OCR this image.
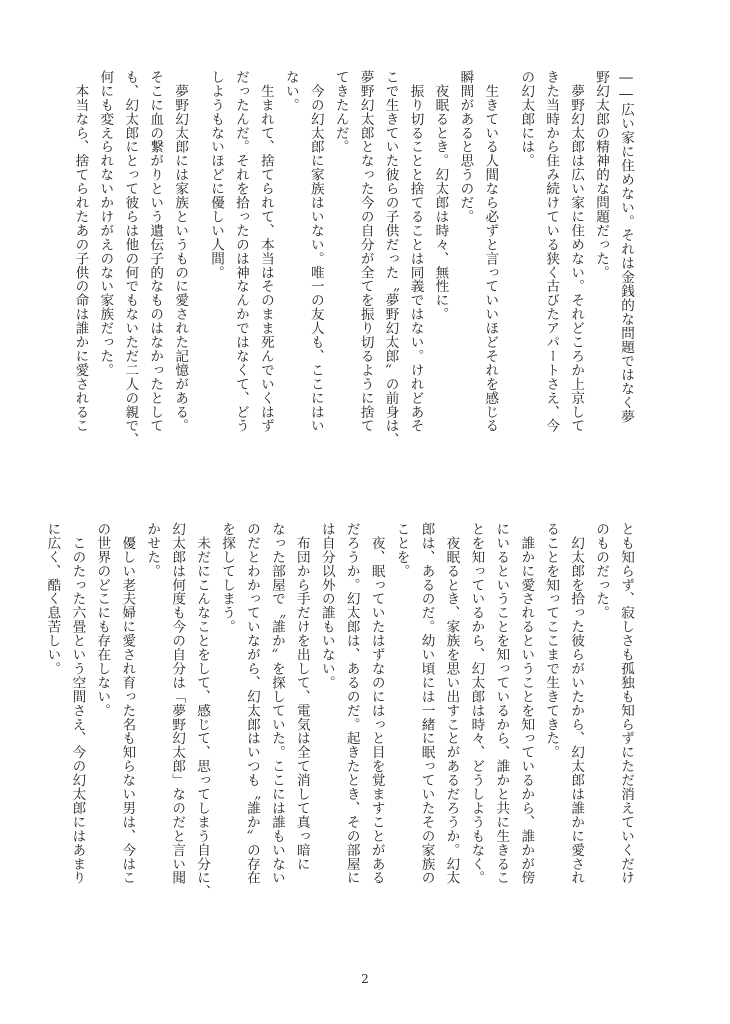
――広い家に住めない。それは金銭的な問題ではなく夢
野幻太郎の精神的な問題だった。
　夢野幻太郎は広い家に住めない。それどころか上京して
きた当時から住み続けている狭く古びたアパートさえ、今
の幻太郎には。
　生きている人間なら必ずと言っていいほどそれを感じる
瞬間があると思うのだ。
　夜眠るとき。幻太郎は時々、無性に。
　振り切ることと捨てることは同義ではない。けれどあそ
こで生きていた彼らの子供だった〝夢野幻太郎〟の前身は、
夢野幻太郎となった今の自分が全てを振り切るように捨て
てきたんだ。
　今の幻太郎に家族はいない。唯一の友人も、ここにはい
ない。
　生まれて、捨てられて、本当はそのまま死んでいくはず
だったんだ。それを拾ったのは神なんかではなくて、どう
しようもないほどに優しい人間。
　夢野幻太郎には家族というものに愛された記憶がある。
そこに血の繋がりという遺伝子的なものはなかったとして
も、幻太郎にとって彼らは他の何でもないただ二人の親で、
何にも変えられないかけがえのない家族だった。
　本当なら、捨てられたあの子供の命は誰かに愛されるこ
とも知らず、寂しさも孤独も知らずにただ消えていくだけ
のものだった。
　幻太郎を拾った彼らがいたから、幻太郎は誰かに愛され
ることを知ってここまで生きてきた。
　誰かに愛されるということを知っているから、誰かが傍
にいるということを知っているから、誰かと共に生きるこ
とを知っているから、幻太郎は時々、どうしようもなく。
　夜眠るとき、家族を思い出すことがあるだろうか。幻太
郎は、あるのだ。幼い頃には一緒に眠っていたその家族の
ことを。
　夜、眠っていたはずなのにはっと目を覚ますことがある
だろうか。幻太郎は、あるのだ。起きたとき、その部屋に
は自分以外の誰もいない。
　布団から手だけを出して、電気は全て消して真っ暗に
なった部屋で〝誰か〟を探していた。ここには誰もいない
のだとわかっていながら、幻太郎はいつも〝誰か〟の存在
を探してしまう。
　未だにこんなことをして、感じて、思ってしまう自分に、
幻太郎は何度も今の自分は「夢野幻太郎」なのだと言い聞
かせた。
　優しい老夫婦に愛され育った名も知らない男は、今はこ
の世界のどこにも存在しない。
　このたった六畳という空間さえ、今の幻太郎にはあまり
に広く、酷く息苦しい。
2
